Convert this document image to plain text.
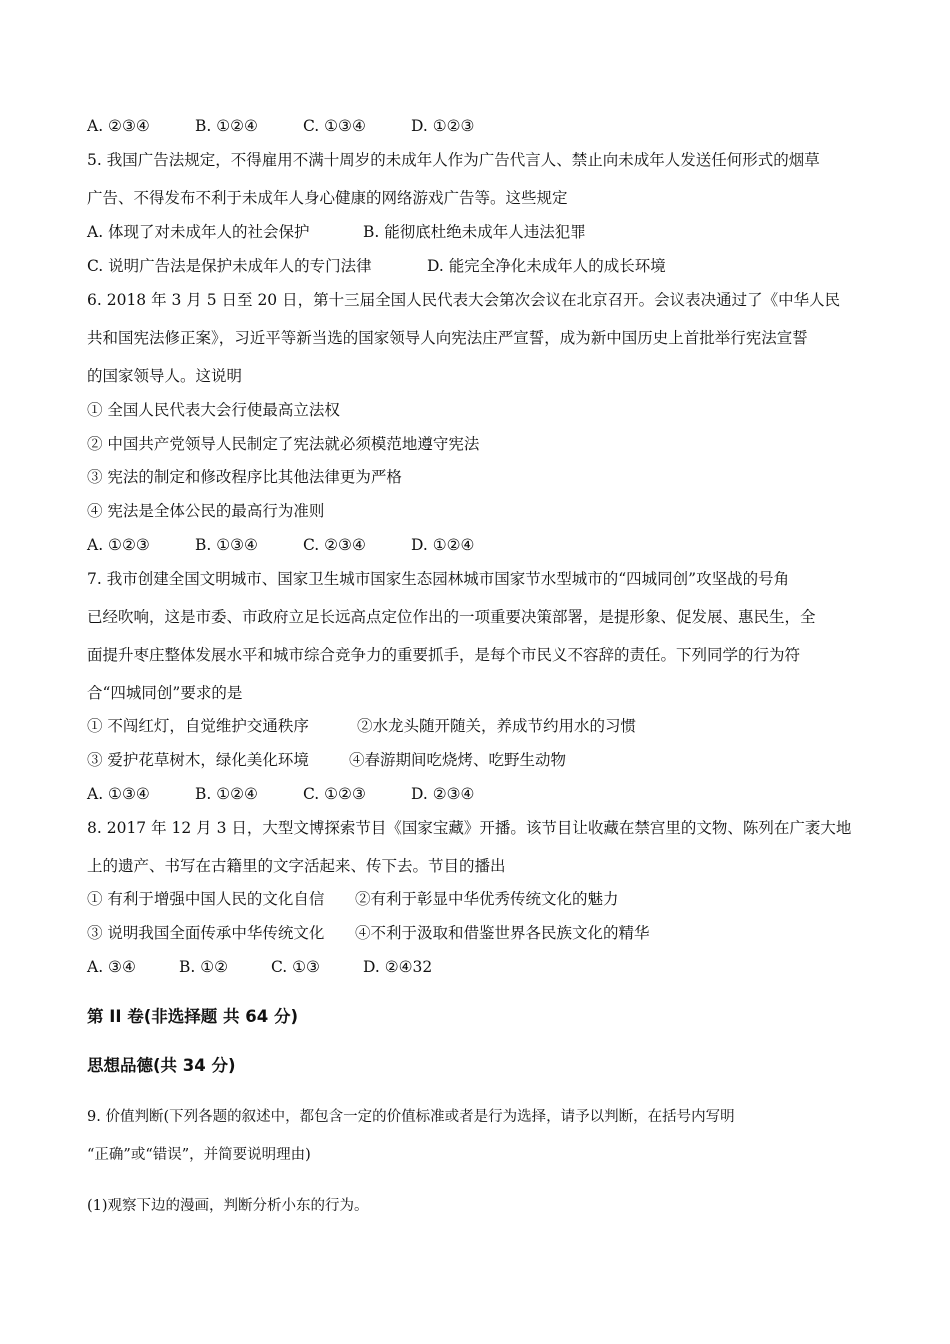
A. ②③④	B. ①②④	C. ①③④	D. ①②③
5. 我国广告法规定，不得雇用不满十周岁的未成年人作为广告代言人、禁止向未成年人发送任何形式的烟草
广告、不得发布不利于未成年人身心健康的网络游戏广告等。这些规定
A. 体现了对未成年人的社会保护	B. 能彻底杜绝未成年人违法犯罪
C. 说明广告法是保护未成年人的专门法律	D. 能完全净化未成年人的成长环境
6. 2018 年 3 月 5 日至 20 日，第十三届全国人民代表大会第次会议在北京召开。会议表决通过了《中华人民
共和国宪法修正案》，习近平等新当选的国家领导人向宪法庄严宣誓，成为新中国历史上首批举行宪法宣誓
的国家领导人。这说明
① 全国人民代表大会行使最高立法权
② 中国共产党领导人民制定了宪法就必须模范地遵守宪法
③ 宪法的制定和修改程序比其他法律更为严格
④ 宪法是全体公民的最高行为准则
A. ①②③	B. ①③④	C. ②③④	D. ①②④
7. 我市创建全国文明城市、国家卫生城市国家生态园林城市国家节水型城市的“四城同创”攻坚战的号角
已经吹响，这是市委、市政府立足长远高点定位作出的一项重要决策部署，是提形象、促发展、惠民生，全
面提升枣庄整体发展水平和城市综合竞争力的重要抓手，是每个市民义不容辞的责任。下列同学的行为符
合“四城同创”要求的是
① 不闯红灯，自觉维护交通秩序	②水龙头随开随关，养成节约用水的习惯
③ 爱护花草树木，绿化美化环境	④春游期间吃烧烤、吃野生动物
A. ①③④	B. ①②④	C. ①②③	D. ②③④
8. 2017 年 12 月 3 日，大型文博探索节目《国家宝藏》开播。该节目让收藏在禁宫里的文物、陈列在广袤大地
上的遗产、书写在古籍里的文字活起来、传下去。节目的播出
① 有利于增强中国人民的文化自信 ②有利于彰显中华优秀传统文化的魅力
③ 说明我国全面传承中华传统文化 ④不利于汲取和借鉴世界各民族文化的精华
A. ③④	B. ①②	C. ①③	D. ②④32
第 II 卷(非选择题 共 64 分)
思想品德(共 34 分)
9. 价值判断(下列各题的叙述中，都包含一定的价值标准或者是行为选择，请予以判断，在括号内写明
“正确”或“错误”，并简要说明理由)
(1)观察下边的漫画，判断分析小东的行为。
